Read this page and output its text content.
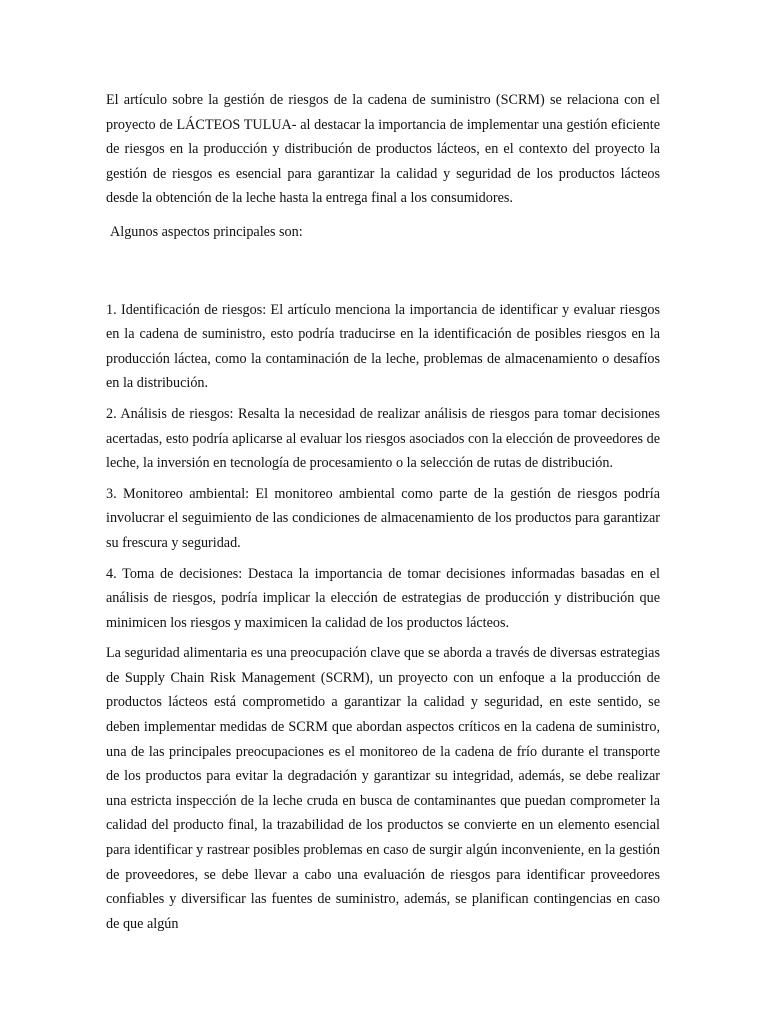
El artículo sobre la gestión de riesgos de la cadena de suministro (SCRM) se relaciona con el proyecto de LÁCTEOS TULUA- al destacar la importancia de implementar una gestión eficiente de riesgos en la producción y distribución de productos lácteos, en el contexto del proyecto la gestión de riesgos es esencial para garantizar la calidad y seguridad de los productos lácteos desde la obtención de la leche hasta la entrega final a los consumidores.

Algunos aspectos principales son:

1. Identificación de riesgos: El artículo menciona la importancia de identificar y evaluar riesgos en la cadena de suministro, esto podría traducirse en la identificación de posibles riesgos en la producción láctea, como la contaminación de la leche, problemas de almacenamiento o desafíos en la distribución.

2. Análisis de riesgos: Resalta la necesidad de realizar análisis de riesgos para tomar decisiones acertadas, esto podría aplicarse al evaluar los riesgos asociados con la elección de proveedores de leche, la inversión en tecnología de procesamiento o la selección de rutas de distribución.

3. Monitoreo ambiental: El monitoreo ambiental como parte de la gestión de riesgos podría involucrar el seguimiento de las condiciones de almacenamiento de los productos para garantizar su frescura y seguridad.

4. Toma de decisiones: Destaca la importancia de tomar decisiones informadas basadas en el análisis de riesgos, podría implicar la elección de estrategias de producción y distribución que minimicen los riesgos y maximicen la calidad de los productos lácteos.

La seguridad alimentaria es una preocupación clave que se aborda a través de diversas estrategias de Supply Chain Risk Management (SCRM), un proyecto con un enfoque a la producción de productos lácteos está comprometido a garantizar la calidad y seguridad, en este sentido, se deben implementar medidas de SCRM que abordan aspectos críticos en la cadena de suministro, una de las principales preocupaciones es el monitoreo de la cadena de frío durante el transporte de los productos para evitar la degradación y garantizar su integridad, además, se debe realizar una estricta inspección de la leche cruda en busca de contaminantes que puedan comprometer la calidad del producto final, la trazabilidad de los productos se convierte en un elemento esencial para identificar y rastrear posibles problemas en caso de surgir algún inconveniente, en la gestión de proveedores, se debe llevar a cabo una evaluación de riesgos para identificar proveedores confiables y diversificar las fuentes de suministro, además, se planifican contingencias en caso de que algún
